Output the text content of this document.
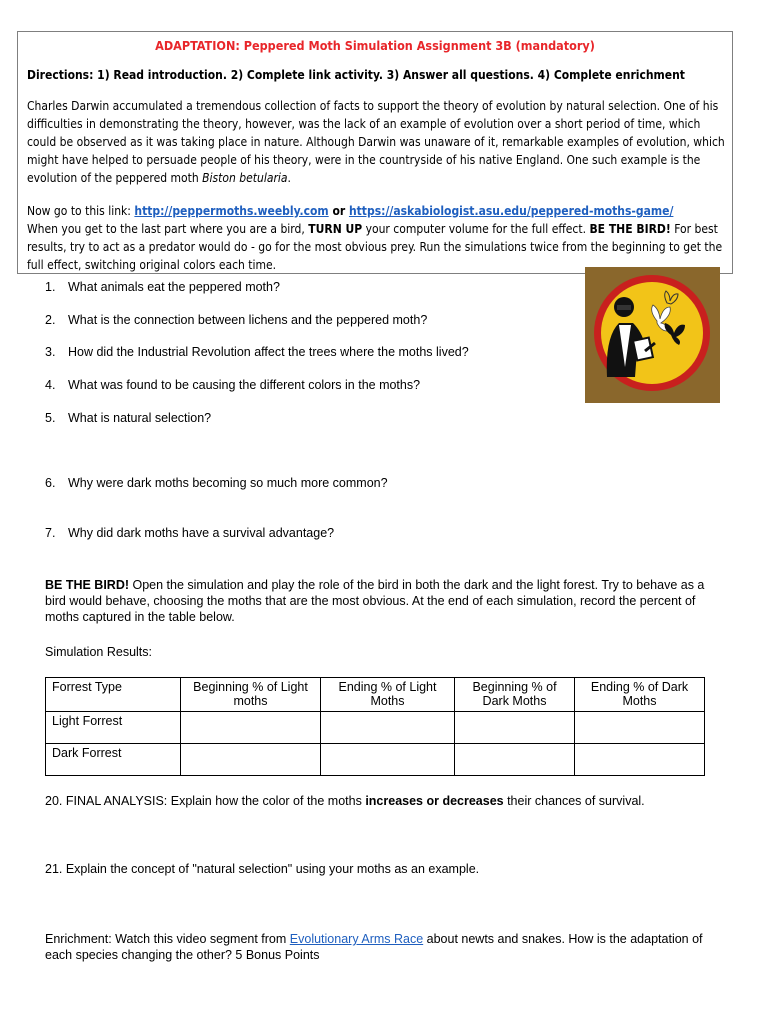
ADAPTATION: Peppered Moth Simulation Assignment 3B (mandatory)
Directions: 1) Read introduction. 2) Complete link activity. 3) Answer all questions. 4) Complete enrichment
Charles Darwin accumulated a tremendous collection of facts to support the theory of evolution by natural selection. One of his difficulties in demonstrating the theory, however, was the lack of an example of evolution over a short period of time, which could be observed as it was taking place in nature. Although Darwin was unaware of it, remarkable examples of evolution, which might have helped to persuade people of his theory, were in the countryside of his native England. One such example is the evolution of the peppered moth Biston betularia.
Now go to this link: http://peppermoths.weebly.com or https://askabiologist.asu.edu/peppered-moths-game/
When you get to the last part where you are a bird, TURN UP your computer volume for the full effect. BE THE BIRD! For best results, try to act as a predator would do - go for the most obvious prey. Run the simulations twice from the beginning to get the full effect, switching original colors each time.
1. What animals eat the peppered moth?
2. What is the connection between lichens and the peppered moth?
3. How did the Industrial Revolution affect the trees where the moths lived?
4. What was found to be causing the different colors in the moths?
5. What is natural selection?
6. Why were dark moths becoming so much more common?
7. Why did dark moths have a survival advantage?
BE THE BIRD! Open the simulation and play the role of the bird in both the dark and the light forest. Try to behave as a bird would behave, choosing the moths that are the most obvious. At the end of each simulation, record the percent of moths captured in the table below.
Simulation Results:
Forrest Type	Beginning % of Light moths	Ending % of Light Moths	Beginning % of Dark Moths	Ending % of Dark Moths
Light Forrest				
Dark Forrest				
20. FINAL ANALYSIS: Explain how the color of the moths increases or decreases their chances of survival.
21. Explain the concept of "natural selection" using your moths as an example.
Enrichment: Watch this video segment from Evolutionary Arms Race about newts and snakes. How is the adaptation of each species changing the other? 5 Bonus Points
